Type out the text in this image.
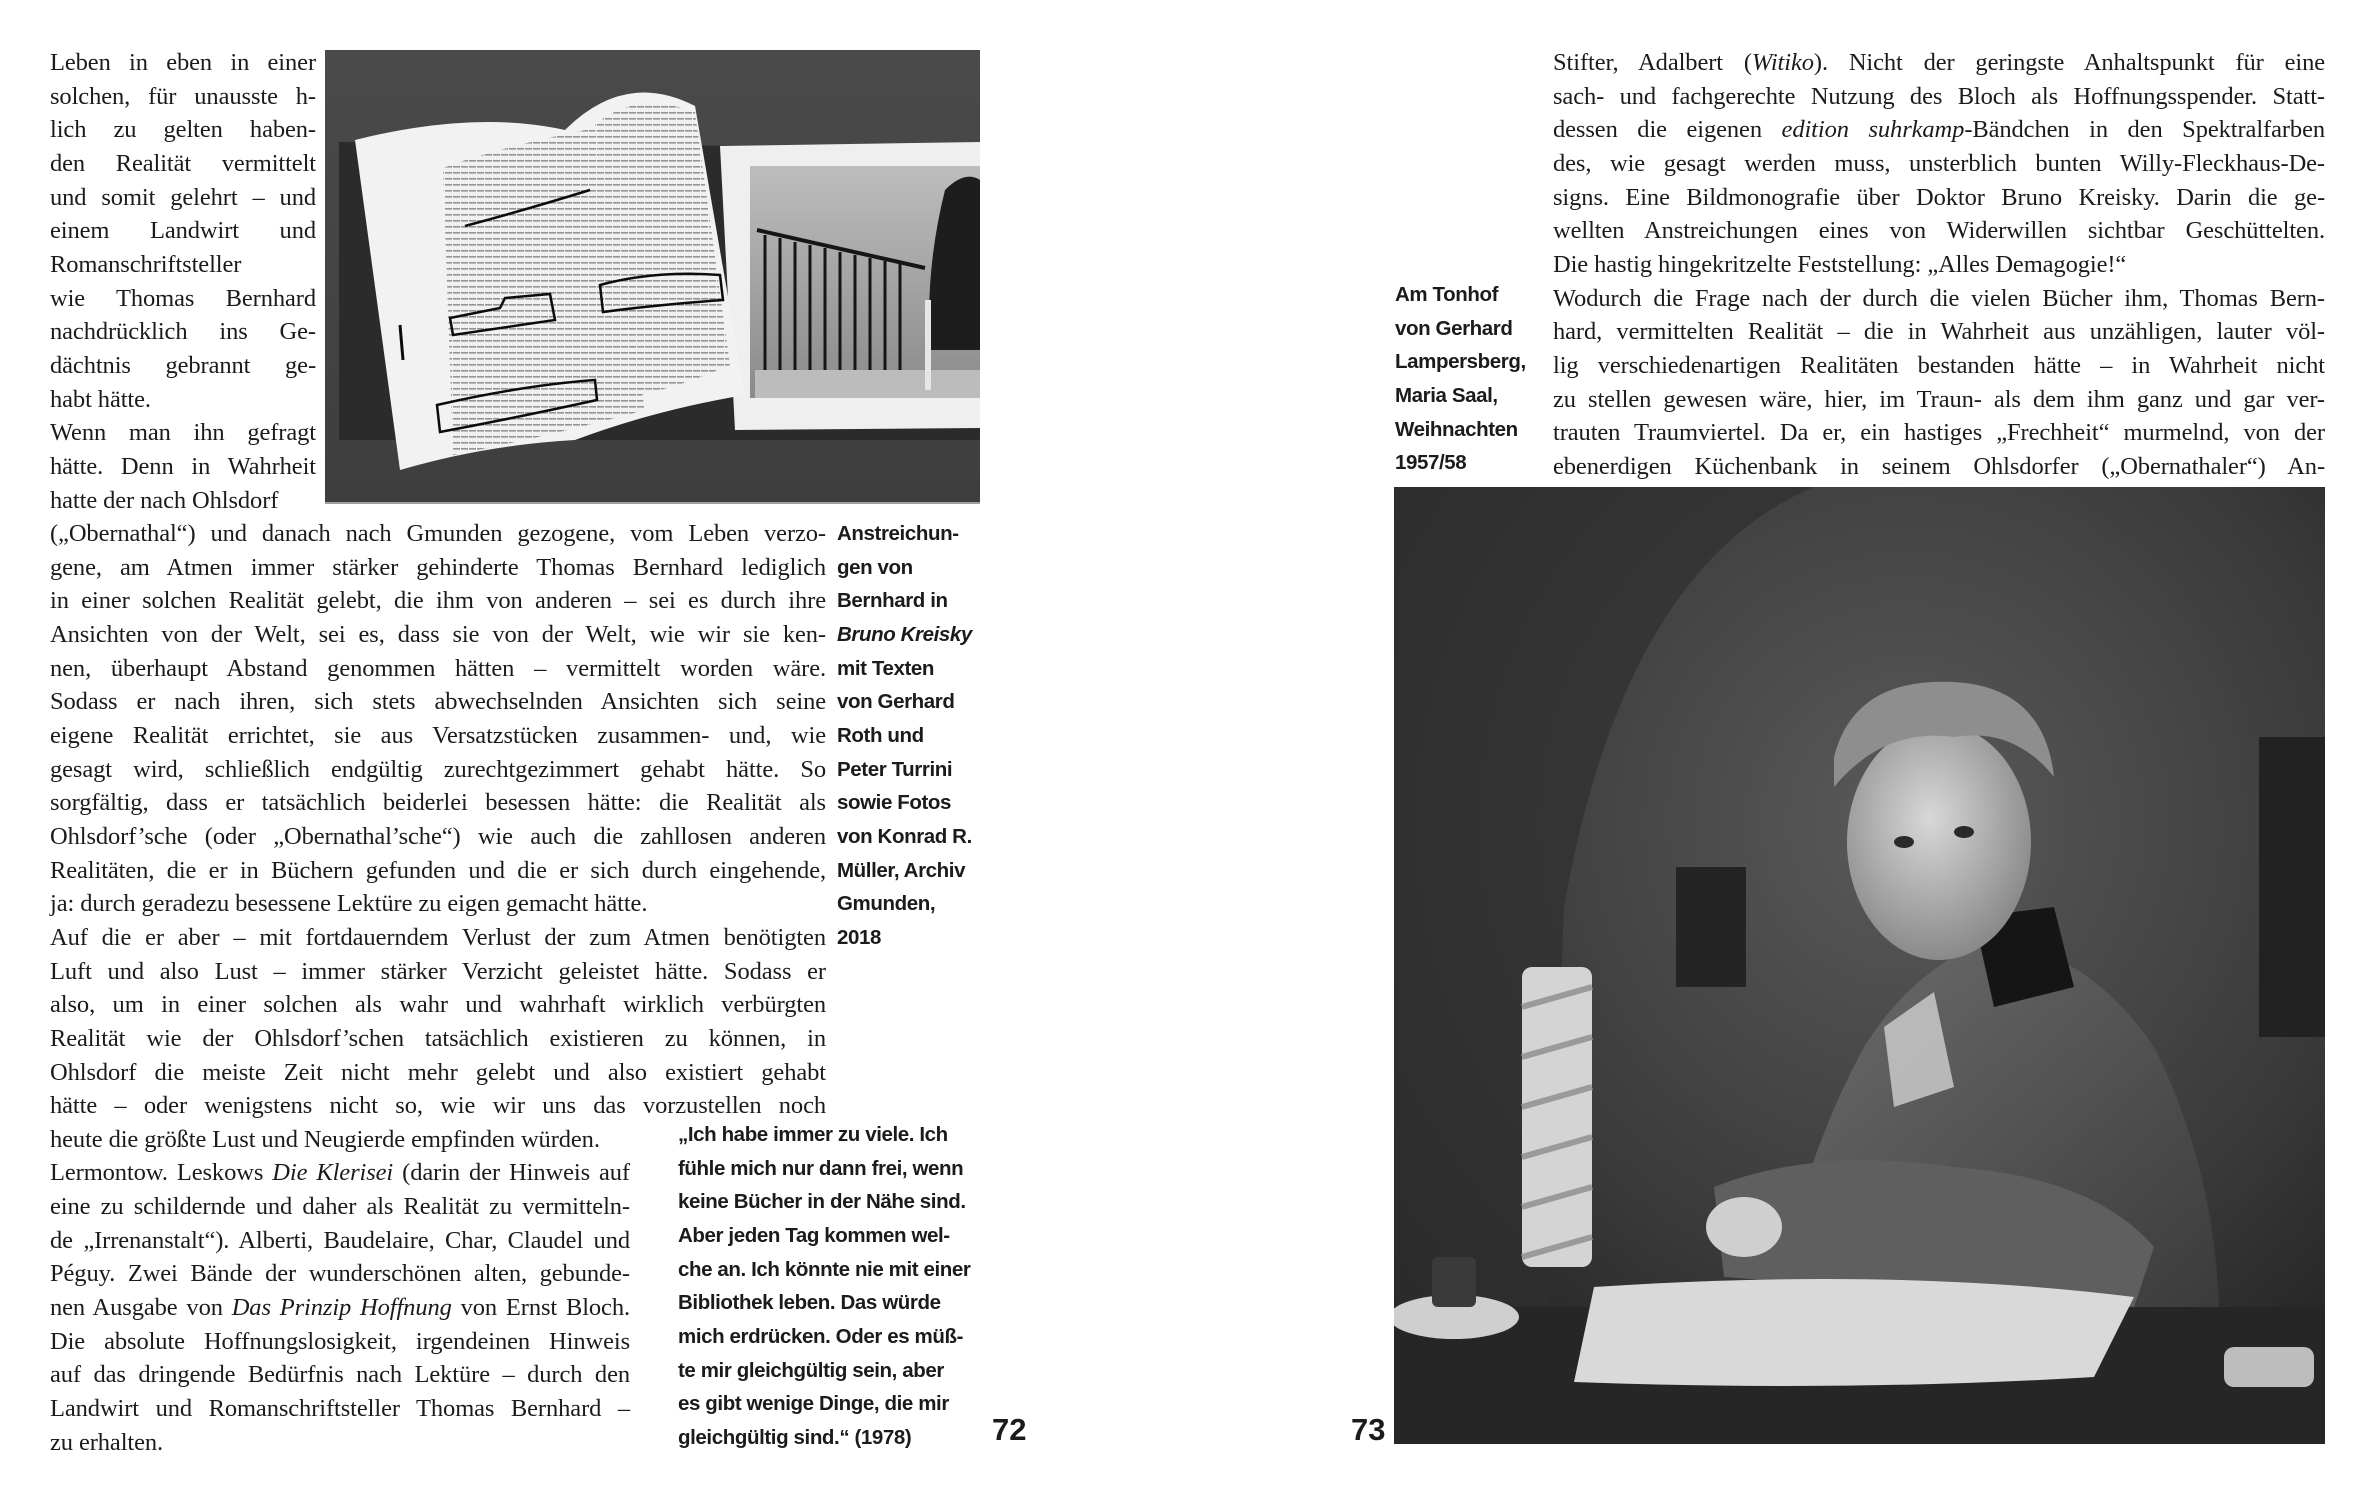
Leben in eben in einer
solchen, für unausste h-
lich zu gelten haben-
den Realität vermittelt
und somit gelehrt – und
einem Landwirt und
Romanschriftsteller
wie Thomas Bernhard
nachdrücklich ins Ge-
dächtnis gebrannt ge-
habt hätte.
Wenn man ihn gefragt
hätte. Denn in Wahrheit
hatte der nach Ohlsdorf
(„Obernathal“) und danach nach Gmunden gezogene, vom Leben verzo-
gene, am Atmen immer stärker gehinderte Thomas Bernhard lediglich
in einer solchen Realität gelebt, die ihm von anderen – sei es durch ihre
Ansichten von der Welt, sei es, dass sie von der Welt, wie wir sie ken-
nen, überhaupt Abstand genommen hätten – vermittelt worden wäre.
Sodass er nach ihren, sich stets abwechselnden Ansichten sich seine
eigene Realität errichtet, sie aus Versatzstücken zusammen- und, wie
gesagt wird, schließlich endgültig zurechtgezimmert gehabt hätte. So
sorgfältig, dass er tatsächlich beiderlei besessen hätte: die Realität als
Ohlsdorf’sche (oder „Obernathal’sche“) wie auch die zahllosen anderen
Realitäten, die er in Büchern gefunden und die er sich durch eingehende,
ja: durch geradezu besessene Lektüre zu eigen gemacht hätte.
Auf die er aber – mit fortdauerndem Verlust der zum Atmen benötigten
Luft und also Lust – immer stärker Verzicht geleistet hätte. Sodass er
also, um in einer solchen als wahr und wahrhaft wirklich verbürgten
Realität wie der Ohlsdorf’schen tatsächlich existieren zu können, in
Ohlsdorf die meiste Zeit nicht mehr gelebt und also existiert gehabt
hätte – oder wenigstens nicht so, wie wir uns das vorzustellen noch
heute die größte Lust und Neugierde empfinden würden.
Lermontow. Leskows Die Klerisei (darin der Hinweis auf
eine zu schildernde und daher als Realität zu vermitteln-
de „Irrenanstalt“). Alberti, Baudelaire, Char, Claudel und
Péguy. Zwei Bände der wunderschönen alten, gebunde-
nen Ausgabe von Das Prinzip Hoffnung von Ernst Bloch.
Die absolute Hoffnungslosigkeit, irgendeinen Hinweis
auf das dringende Bedürfnis nach Lektüre – durch den
Landwirt und Romanschriftsteller Thomas Bernhard –
zu erhalten.
Anstreichun-
gen von
Bernhard in
Bruno Kreisky
mit Texten
von Gerhard
Roth und
Peter Turrini
sowie Fotos
von Konrad R.
Müller, Archiv
Gmunden,
2018
„Ich habe immer zu viele. Ich
fühle mich nur dann frei, wenn
keine Bücher in der Nähe sind.
Aber jeden Tag kommen wel-
che an. Ich könnte nie mit einer
Bibliothek leben. Das würde
mich erdrücken. Oder es müß-
te mir gleichgültig sein, aber
es gibt wenige Dinge, die mir
gleichgültig sind.“ (1978)	72
Stifter, Adalbert (Witiko). Nicht der geringste Anhaltspunkt für eine
sach- und fachgerechte Nutzung des Bloch als Hoffnungsspender. Statt-
dessen die eigenen edition suhrkamp-Bändchen in den Spektralfarben
des, wie gesagt werden muss, unsterblich bunten Willy-Fleckhaus-De-
signs. Eine Bildmonografie über Doktor Bruno Kreisky. Darin die ge-
wellten Anstreichungen eines von Widerwillen sichtbar Geschüttelten.
Die hastig hingekritzelte Feststellung: „Alles Demagogie!“
Wodurch die Frage nach der durch die vielen Bücher ihm, Thomas Bern-
hard, vermittelten Realität – die in Wahrheit aus unzähligen, lauter völ-
lig verschiedenartigen Realitäten bestanden hätte – in Wahrheit nicht
zu stellen gewesen wäre, hier, im Traun- als dem ihm ganz und gar ver-
trauten Traumviertel. Da er, ein hastiges „Frechheit“ murmelnd, von der
ebenerdigen Küchenbank in seinem Ohlsdorfer („Obernathaler“) An-
Am Tonhof
von Gerhard
Lampersberg,
Maria Saal,
Weihnachten
1957/58
73
